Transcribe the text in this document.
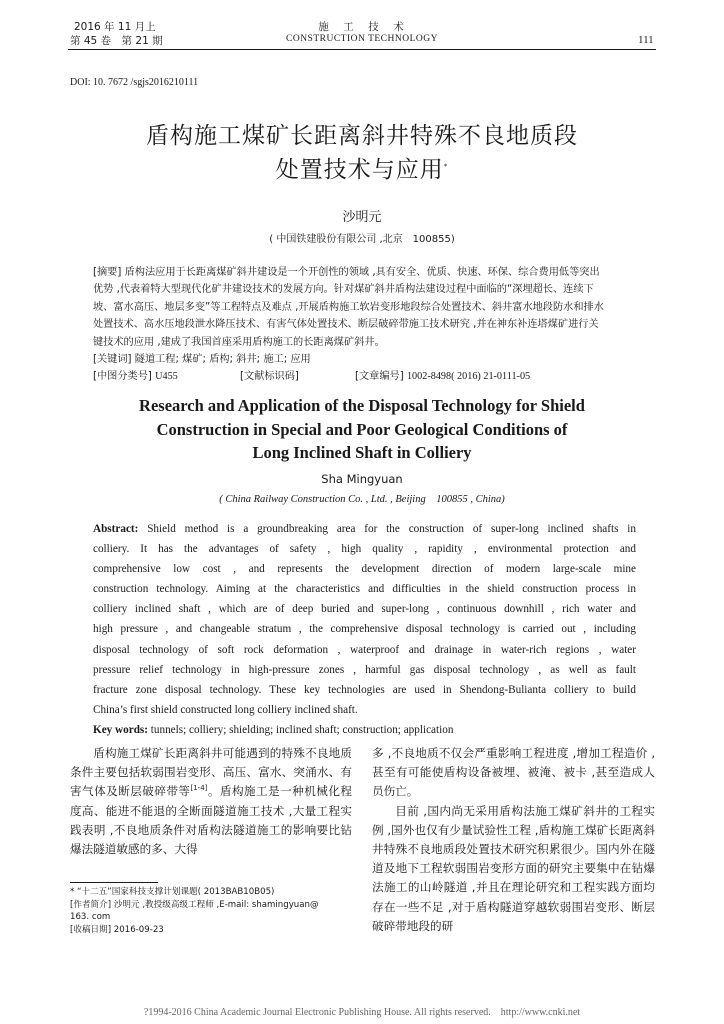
2016 年 11 月上
第 45 卷　 第 21 期
施　工　技　术
CONSTRUCTION TECHNOLOGY	111
DOI: 10. 7672 /sgjs2016210111
盾构施工煤矿长距离斜井特殊不良地质段
处置技术与应用*
沙明元
( 中国铁建股份有限公司 ,北京　100855)
[摘要] 盾构法应用于长距离煤矿斜井建设是一个开创性的领域 ,具有安全、优质、快速、环保、综合费用低等突出
优势 ,代表着特大型现代化矿井建设技术的发展方向。针对煤矿斜井盾构法建设过程中面临的“深埋超长、连续下
坡、富水高压、地层多变”等工程特点及难点 ,开展盾构施工软岩变形地段综合处置技术、斜井富水地段防水和排水
处置技术、高水压地段泄水降压技术、有害气体处置技术、断层破碎带施工技术研究 ,并在神东补连塔煤矿进行关
键技术的应用 ,建成了我国首座采用盾构施工的长距离煤矿斜井。
[关键词] 隧道工程; 煤矿; 盾构; 斜井; 施工; 应用
[中图分类号] U455	[文献标识码]	[文章编号] 1002-8498( 2016) 21-0111-05
Research and Application of the Disposal Technology for Shield
Construction in Special and Poor Geological Conditions of
Long Inclined Shaft in Colliery
Sha Mingyuan
( China Railway Construction Co. , Ltd. , Beijing　100855 , China)
Abstract: Shield method is a groundbreaking area for the construction of super-long inclined shafts in
colliery. It has the advantages of safety , high quality , rapidity , environmental protection and
comprehensive low cost , and represents the development direction of modern large-scale mine
construction technology. Aiming at the characteristics and difficulties in the shield construction process in
colliery inclined shaft , which are of deep buried and super-long , continuous downhill , rich water and
high pressure , and changeable stratum , the comprehensive disposal technology is carried out , including
disposal technology of soft rock deformation , waterproof and drainage in water-rich regions , water
pressure relief technology in high-pressure zones , harmful gas disposal technology , as well as fault
fracture zone disposal technology. These key technologies are used in Shendong-Bulianta colliery to build
China’s first shield constructed long colliery inclined shaft.
Key words: tunnels; colliery; shielding; inclined shaft; construction; application

盾构施工煤矿长距离斜井可能遇到的特殊不良地质条件主要包括软弱围岩变形、高压、富水、突涌水、有害气体及断层破碎带等[1-4]。盾构施工是一种机械化程度高、能进不能退的全断面隧道施工技术 ,大量工程实践表明 ,不良地质条件对盾构法隧道施工的影响要比钻爆法隧道敏感的多、大得

* “十二五”国家科技支撑计划课题( 2013BAB10B05)
[作者简介] 沙明元 ,教授级高级工程师 ,E-mail: shamingyuan@
163. com
[收稿日期] 2016-09-23

多 ,不良地质不仅会严重影响工程进度 ,增加工程造价 ,甚至有可能使盾构设备被埋、被淹、被卡 ,甚至造成人员伤亡。

目前 ,国内尚无采用盾构法施工煤矿斜井的工程实例 ,国外也仅有少量试验性工程 ,盾构施工煤矿长距离斜井特殊不良地质段处置技术研究积累很少。国内外在隧道及地下工程软弱围岩变形方面的研究主要集中在钻爆法施工的山岭隧道 ,并且在理论研究和工程实践方面均存在一些不足 ,对于盾构隧道穿越软弱围岩变形、断层破碎带地段的研

?1994-2016 China Academic Journal Electronic Publishing House. All rights reserved.　http://www.cnki.net
